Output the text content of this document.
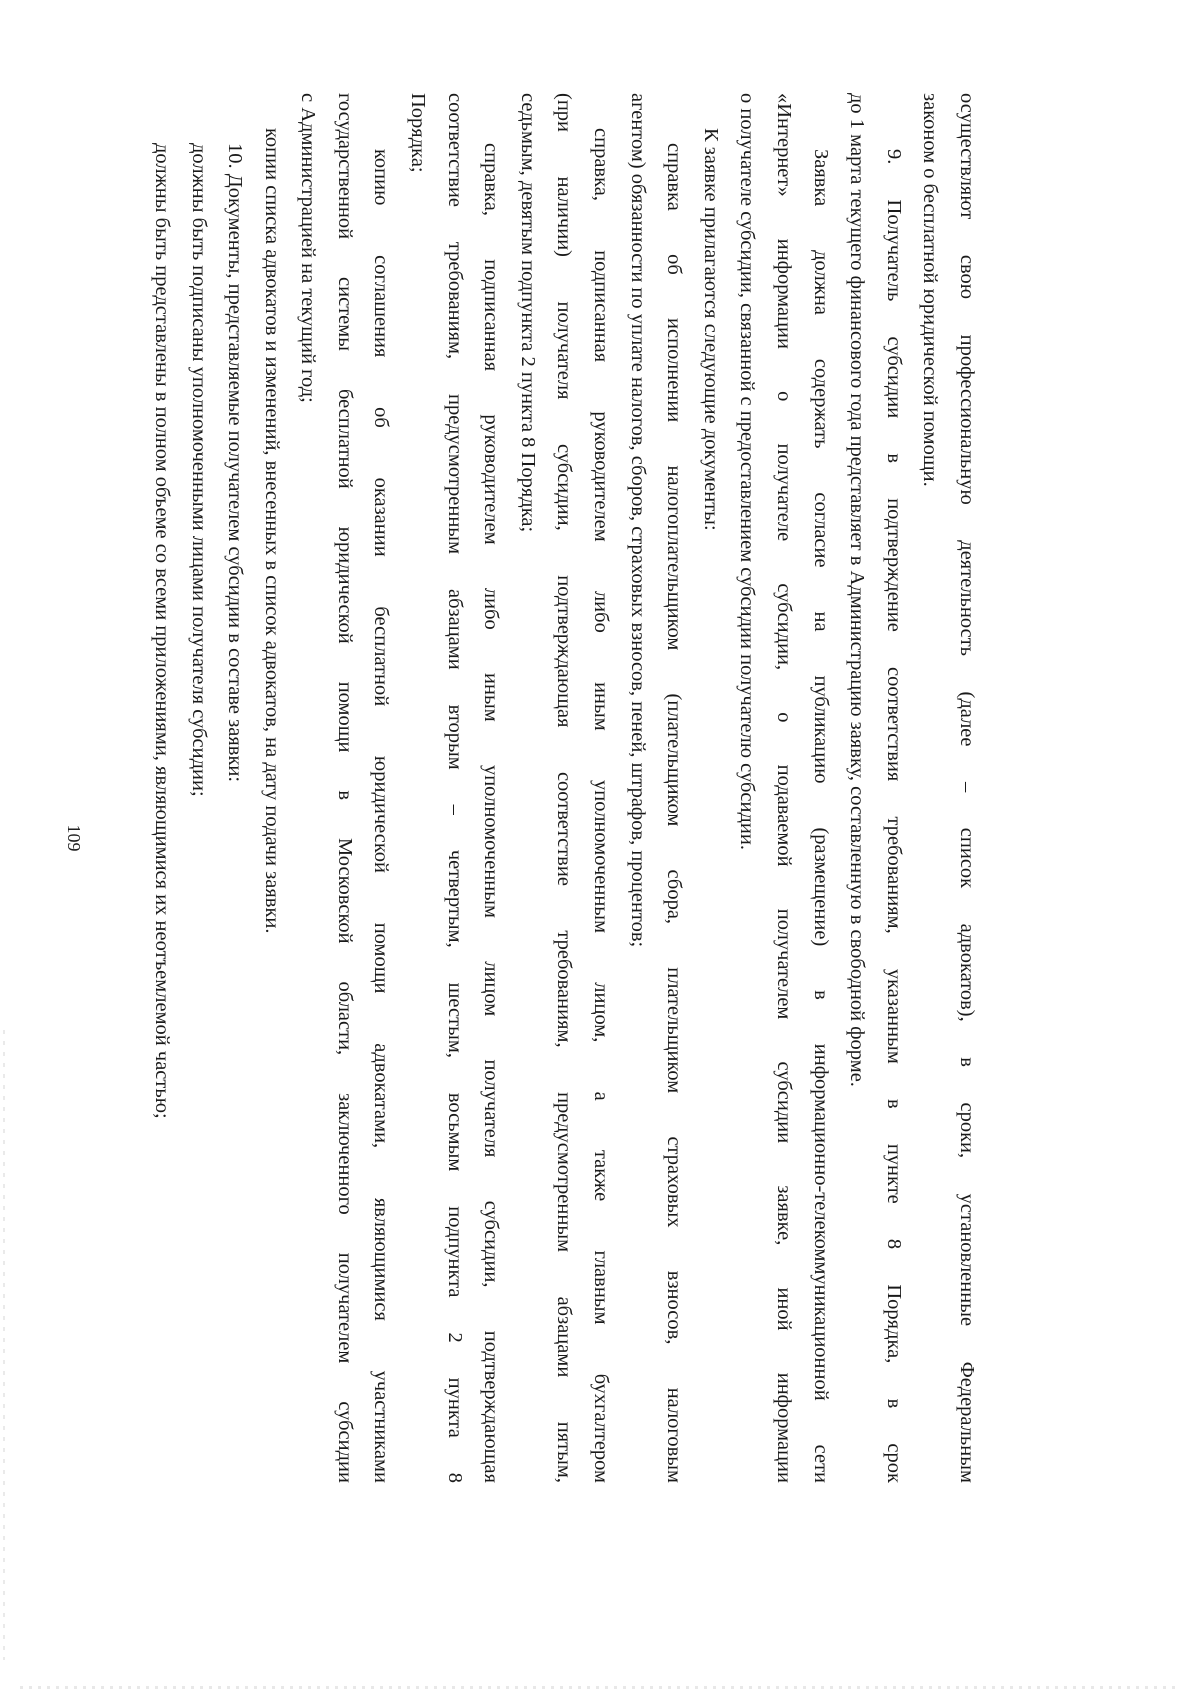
109	осуществляют свою профессиональную деятельность (далее – список адвокатов), в сроки, установленные Федеральным
законом о бесплатной юридической помощи.
9. Получатель субсидии в подтверждение соответствия требованиям, указанным в пункте 8 Порядка, в срок
до 1 марта текущего финансового года представляет в Администрацию заявку, составленную в свободной форме.
Заявка должна содержать согласие на публикацию (размещение) в информационно-телекоммуникационной сети
«Интернет» информации о получателе субсидии, о подаваемой получателем субсидии заявке, иной информации
о получателе субсидии, связанной с предоставлением субсидии получателю субсидии.
К заявке прилагаются следующие документы:
справка об исполнении налогоплательщиком (плательщиком сбора, плательщиком страховых взносов, налоговым
агентом) обязанности по уплате налогов, сборов, страховых взносов, пеней, штрафов, процентов;
справка, подписанная руководителем либо иным уполномоченным лицом, а также главным бухгалтером
(при наличии) получателя субсидии, подтверждающая соответствие требованиям, предусмотренным абзацами пятым,
седьмым, девятым подпункта 2 пункта 8 Порядка;
справка, подписанная руководителем либо иным уполномоченным лицом получателя субсидии, подтверждающая
соответствие требованиям, предусмотренным абзацами вторым – четвертым, шестым, восьмым подпункта 2 пункта 8
Порядка;
копию соглашения об оказании бесплатной юридической помощи адвокатами, являющимися участниками
государственной системы бесплатной юридической помощи в Московской области, заключенного получателем субсидии
с Администрацией на текущий год;
копии списка адвокатов и изменений, внесенных в список адвокатов, на дату подачи заявки.
10. Документы, представляемые получателем субсидии в составе заявки:
должны быть подписаны уполномоченными лицами получателя субсидии;
должны быть представлены в полном объеме со всеми приложениями, являющимися их неотъемлемой частью;
